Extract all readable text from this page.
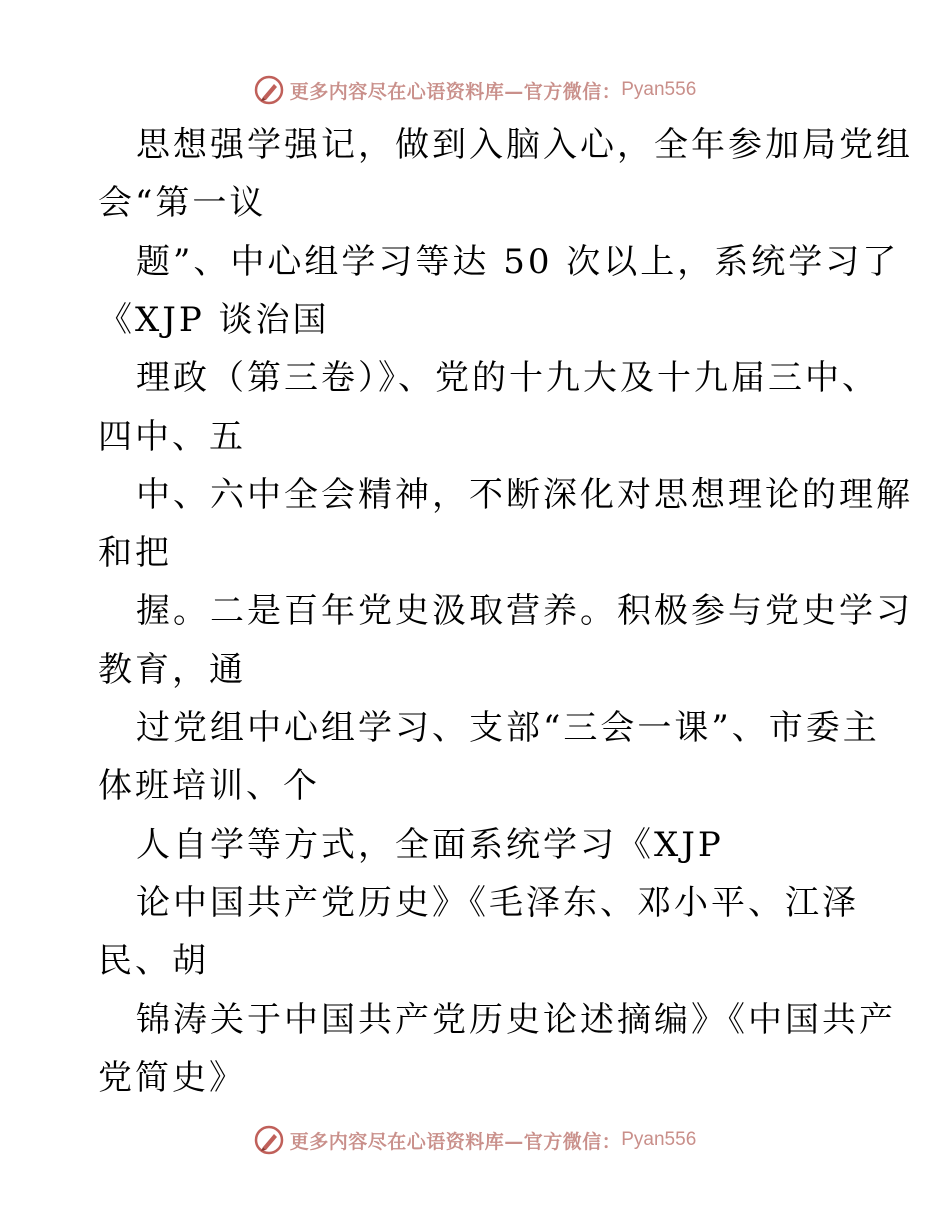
更多内容尽在心语资料库—官方微信： Pyan556
思想强学强记，做到入脑入心，全年参加局党组
会“第一议
题”、中心组学习等达 50 次以上，系统学习了
《XJP 谈治国
理政（第三卷）》、党的十九大及十九届三中、
四中、五
中、六中全会精神，不断深化对思想理论的理解
和把
握。二是百年党史汲取营养。积极参与党史学习
教育，通
过党组中心组学习、支部“三会一课”、市委主
体班培训、个
人自学等方式，全面系统学习《XJP
论中国共产党历史》《毛泽东、邓小平、江泽
民、胡
锦涛关于中国共产党历史论述摘编》《中国共产
党简史》
更多内容尽在心语资料库—官方微信： Pyan556
